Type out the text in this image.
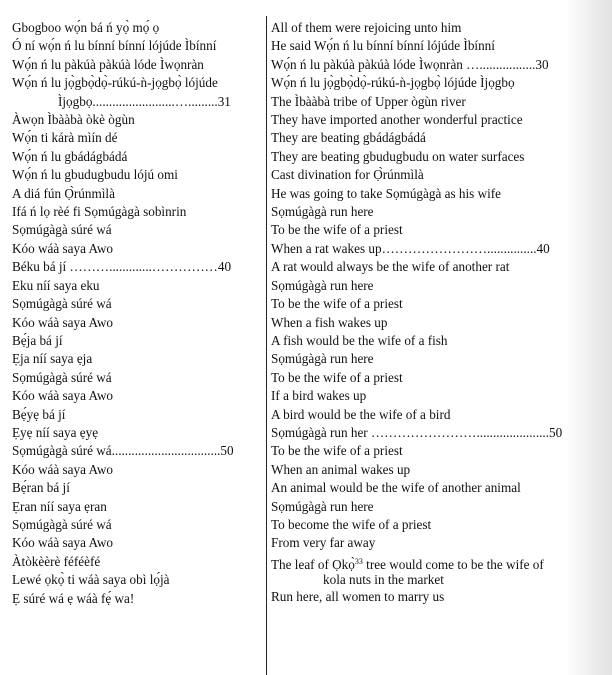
Gbogboo wọ́n bá ń yọ̀ mọ́ ọ
Ó ní wọ́n ń lu bínní bínní lójúde Ìbínní
Wọ́n ń lu pàkúà pàkúà lóde Ìwọnràn
Wọ́n ń lu jọ̀gbọ̀dọ̀-rúkú-ǹ-jọgbọ̀ lójúde
Ìjọgbọ.........................….........31
Àwọn Ìbààbà òkè ògùn
Wọ́n ti kárà mìín dé
Wọ́n ń lu gbádágbádá
Wọ́n ń lu gbudugbudu lójú omi
A diá fún Ọ̀rúnmìlà
Ifá ń lọ rèé fi Sọmúgàgà sobìnrin
Sọmúgàgà súré wá
Kóo wáà saya Awo
Béku bá jí ……….............……………40
Eku níí saya eku
Sọmúgàgà súré wá
Kóo wáà saya Awo
Bẹ́ja bá jí
Ẹja níí saya ẹja
Sọmúgàgà súré wá
Kóo wáà saya Awo
Bẹ́yẹ bá jí
Ẹyẹ níí saya ẹyẹ
Sọmúgàgà súré wá.................................50
Kóo wáà saya Awo
Bẹ́ran bá jí
Ẹran níí saya ẹran
Sọmúgàgà súré wá
Kóo wáà saya Awo
Àtòkèèrè féféèfé
Lewé ọkọ̀ ti wáà saya obì lọ́jà
Ẹ súré wá ẹ wáà fẹ́ wa!
All of them were rejoicing unto him
He said Wọ́n ń lu bínní bínní lójúde Ìbínní
Wọ́n ń lu pàkúà pàkúà lóde Ìwọnràn ….................30
Wọ́n ń lu jọ̀gbọ̀dọ̀-rúkú-ǹ-jọgbọ̀ lójúde Ìjọgbọ
The Ìbààbà tribe of Upper ògùn river
They have imported another wonderful practice
They are beating gbádágbádá
They are beating gbudugbudu on water surfaces
Cast divination for Ọ̀rúnmìlà
He was going to take Sọmúgàgà as his wife
Sọmúgàgà run here
To be the wife of a priest
When a rat wakes up……………………...............40
A rat would always be the wife of another rat
Sọmúgàgà run here
To be the wife of a priest
When a fish wakes up
A fish would be the wife of a fish
Sọmúgàgà run here
To be the wife of a priest
If a bird wakes up
A bird would be the wife of a bird
Sọmúgàgà run her ……………………......................50
To be the wife of a priest
When an animal wakes up
An animal would be the wife of another animal
Sọmúgàgà run here
To become the wife of a priest
From very far away
The leaf of Ọkọ̀$^{33}$ tree would come to be the wife of
kola nuts in the market
Run here, all women to marry us
